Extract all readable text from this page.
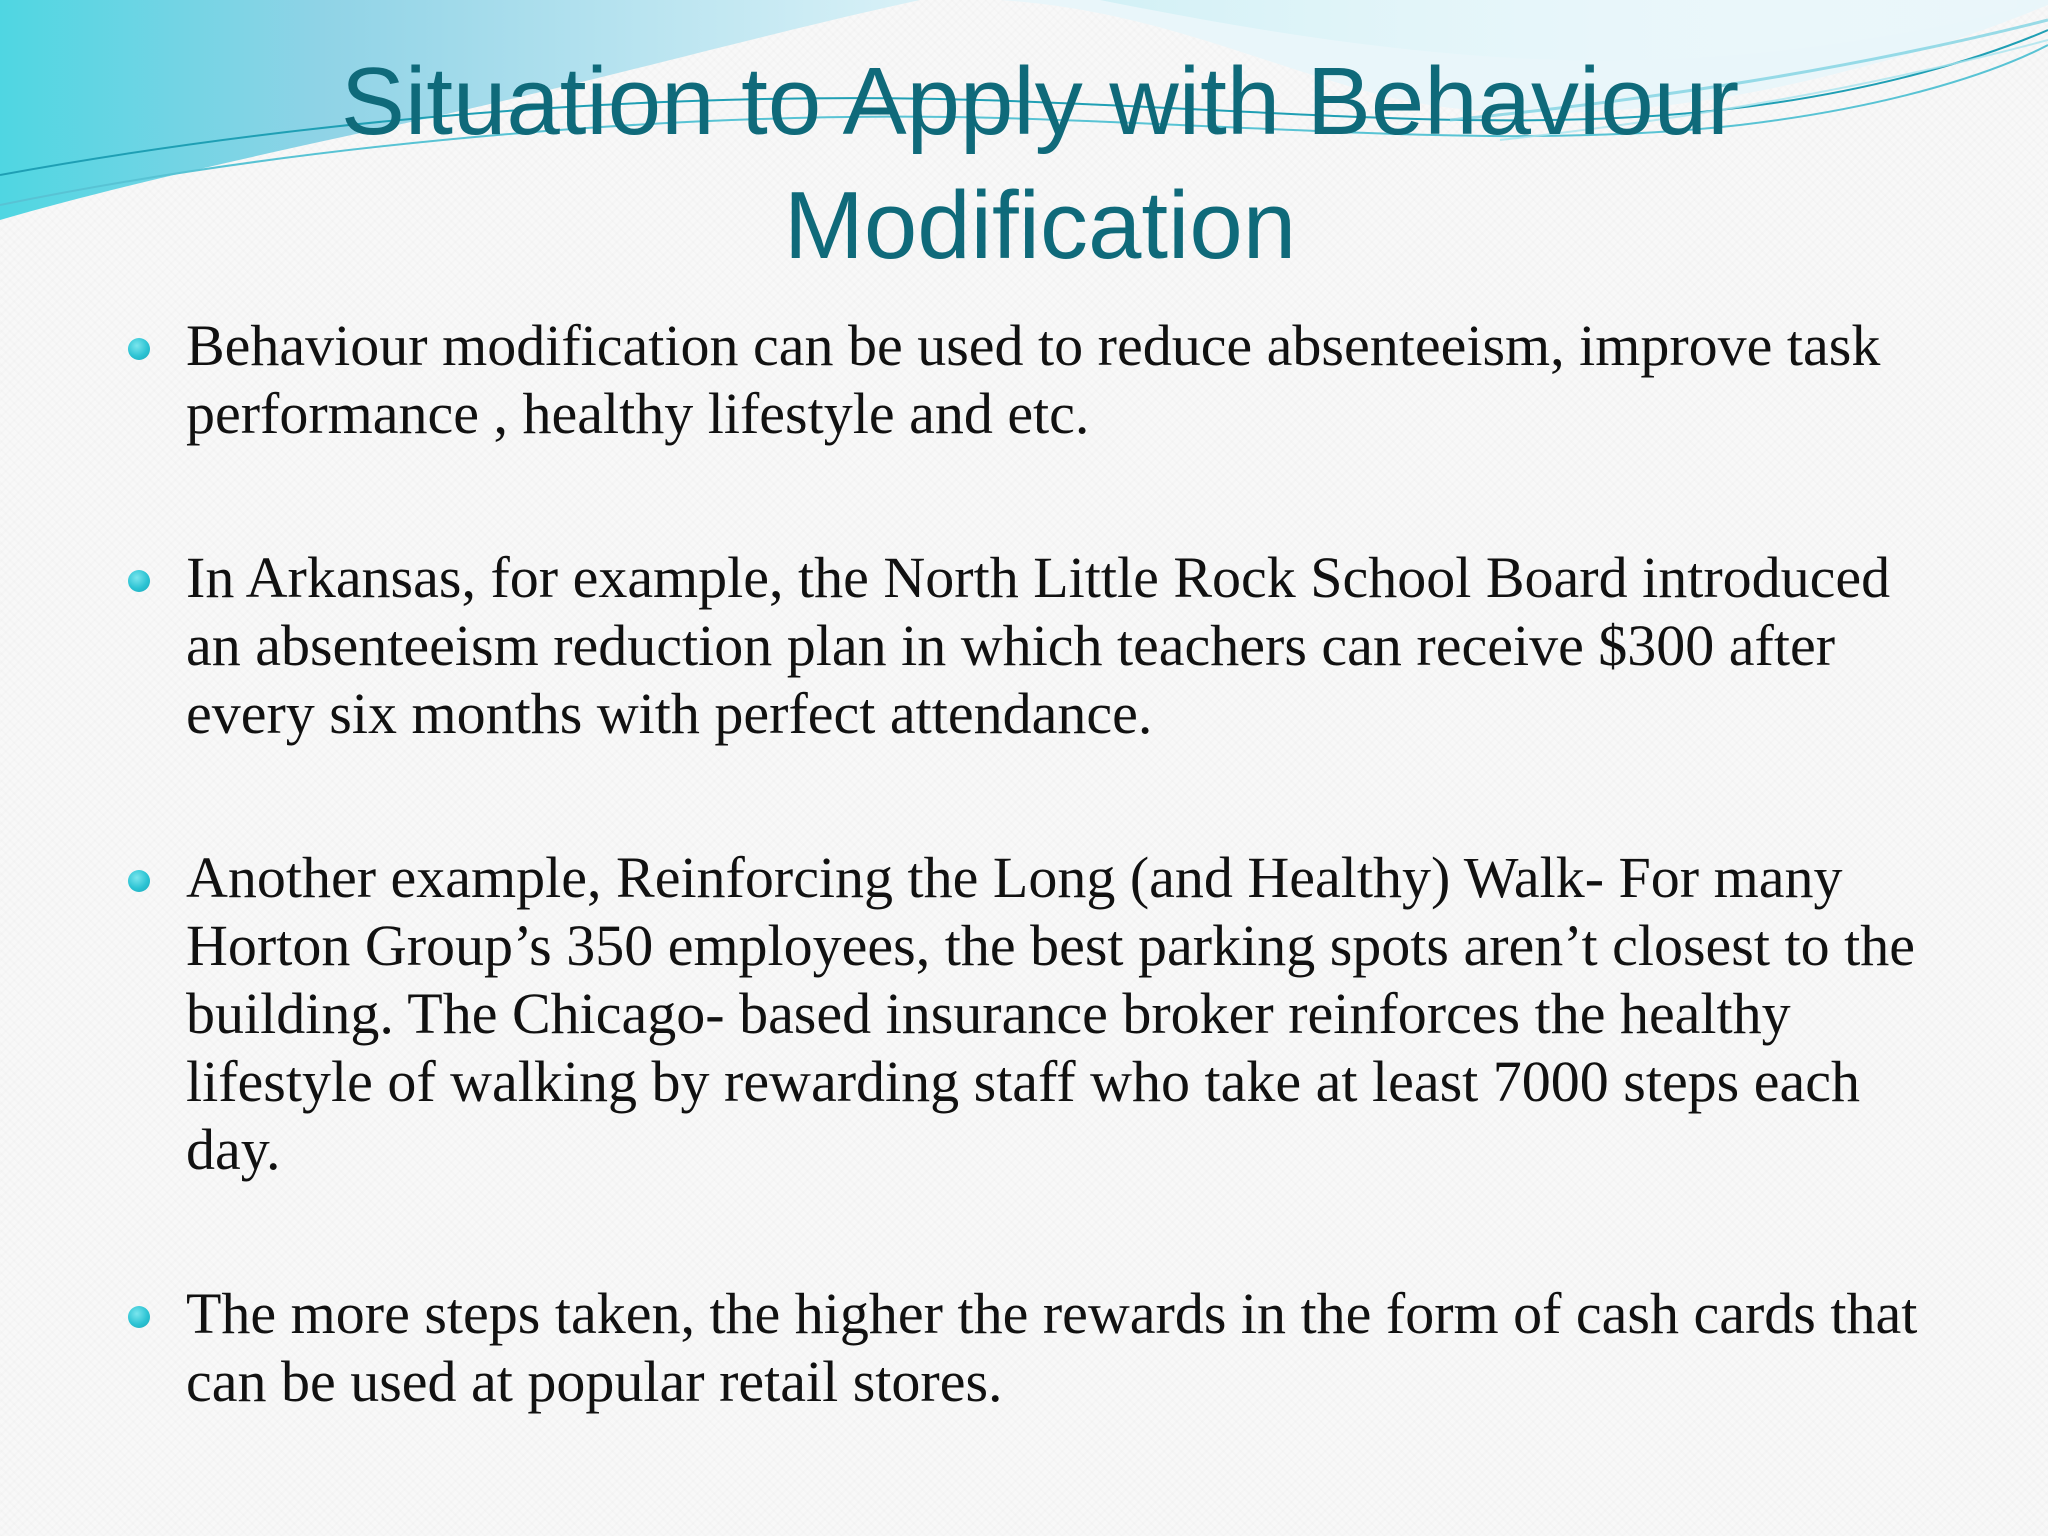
Situation to Apply with Behaviour Modification
Behaviour modification can be used to reduce absenteeism, improve task performance , healthy lifestyle and etc.
In Arkansas, for example, the North Little Rock School Board introduced an absenteeism reduction plan in which teachers can receive $300 after every six months with perfect attendance.
Another example, Reinforcing the Long (and Healthy) Walk- For many Horton Group’s 350 employees, the best parking spots aren’t closest to the building. The Chicago- based insurance broker reinforces the healthy lifestyle of walking by rewarding staff who take at least 7000 steps each day.
The more steps taken, the higher the rewards in the form of cash cards that can be used at popular retail stores.
